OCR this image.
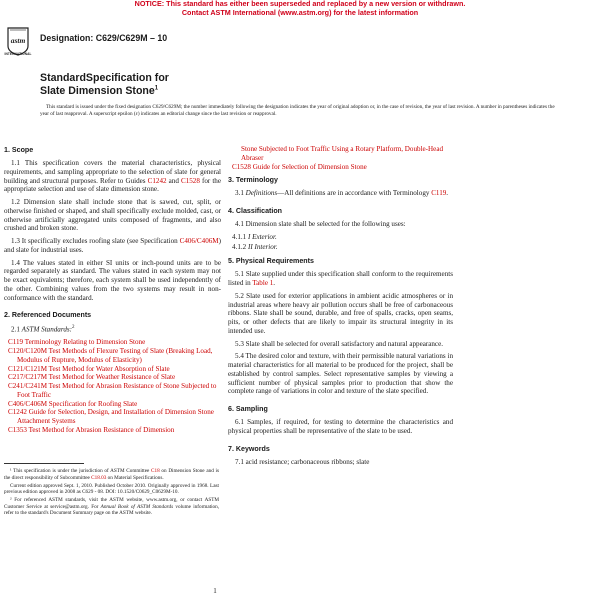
NOTICE: This standard has either been superseded and replaced by a new version or withdrawn.
Contact ASTM International (www.astm.org) for the latest information
astm
INTERNATIONAL
Designation: C629/C629M – 10
StandardSpecification for
Slate Dimension Stone$^1$
This standard is issued under the fixed designation C629/C629M; the number immediately following the designation indicates the year of original adoption or, in the case of revision, the year of last revision. A number in parentheses indicates the year of last reapproval. A superscript epsilon (ε) indicates an editorial change since the last revision or reapproval.
1. Scope

1.1 This specification covers the material characteristics, physical requirements, and sampling appropriate to the selection of slate for general building and structural purposes. Refer to Guides C1242 and C1528 for the appropriate selection and use of slate dimension stone.

1.2 Dimension slate shall include stone that is sawed, cut, split, or otherwise finished or shaped, and shall specifically exclude molded, cast, or otherwise artificially aggregated units composed of fragments, and also crushed and broken stone.

1.3 It specifically excludes roofing slate (see Specification C406/C406M) and slate for industrial uses.

1.4 The values stated in either SI units or inch-pound units are to be regarded separately as standard. The values stated in each system may not be exact equivalents; therefore, each system shall be used independently of the other. Combining values from the two systems may result in non-conformance with the standard.

2. Referenced Documents

2.1 ASTM Standards:$^2$

C119 Terminology Relating to Dimension Stone
C120/C120M Test Methods of Flexure Testing of Slate (Breaking Load, Modulus of Rupture, Modulus of Elasticity)
C121/C121M Test Method for Water Absorption of Slate
C217/C217M Test Method for Weather Resistance of Slate
C241/C241M Test Method for Abrasion Resistance of Stone Subjected to Foot Traffic
C406/C406M Specification for Roofing Slate
C1242 Guide for Selection, Design, and Installation of Dimension Stone Attachment Systems
C1353 Test Method for Abrasion Resistance of Dimension

¹ This specification is under the jurisdiction of ASTM Committee C18 on Dimension Stone and is the direct responsibility of Subcommittee C18.03 on Material Specifications.

Current edition approved Sept. 1, 2010. Published October 2010. Originally approved in 1968. Last previous edition approved in 2008 as C629 - 08. DOI: 10.1520/C0629_C0629M-10.

² For referenced ASTM standards, visit the ASTM website, www.astm.org, or contact ASTM Customer Service at service@astm.org. For Annual Book of ASTM Standards volume information, refer to the standard's Document Summary page on the ASTM website.

Stone Subjected to Foot Traffic Using a Rotary Platform, Double-Head Abraser
C1528 Guide for Selection of Dimension Stone
3. Terminology

3.1 Definitions—All definitions are in accordance with Terminology C119.

4. Classification

4.1 Dimension slate shall be selected for the following uses:

4.1.1 I Exterior.
4.1.2 II Interior.
5. Physical Requirements

5.1 Slate supplied under this specification shall conform to the requirements listed in Table 1.

5.2 Slate used for exterior applications in ambient acidic atmospheres or in industrial areas where heavy air pollution occurs shall be free of carbonaceous ribbons. Slate shall be sound, durable, and free of spalls, cracks, open seams, pits, or other defects that are likely to impair its structural integrity in its intended use.

5.3 Slate shall be selected for overall satisfactory and natural appearance.

5.4 The desired color and texture, with their permissible natural variations in material characteristics for all material to be produced for the project, shall be established by control samples. Select representative samples by viewing a sufficient number of physical samples prior to production that show the complete range of variations in color and texture of the slate specified.

6. Sampling

6.1 Samples, if required, for testing to determine the characteristics and physical properties shall be representative of the slate to be used.

7. Keywords

7.1 acid resistance; carbonaceous ribbons; slate

1
